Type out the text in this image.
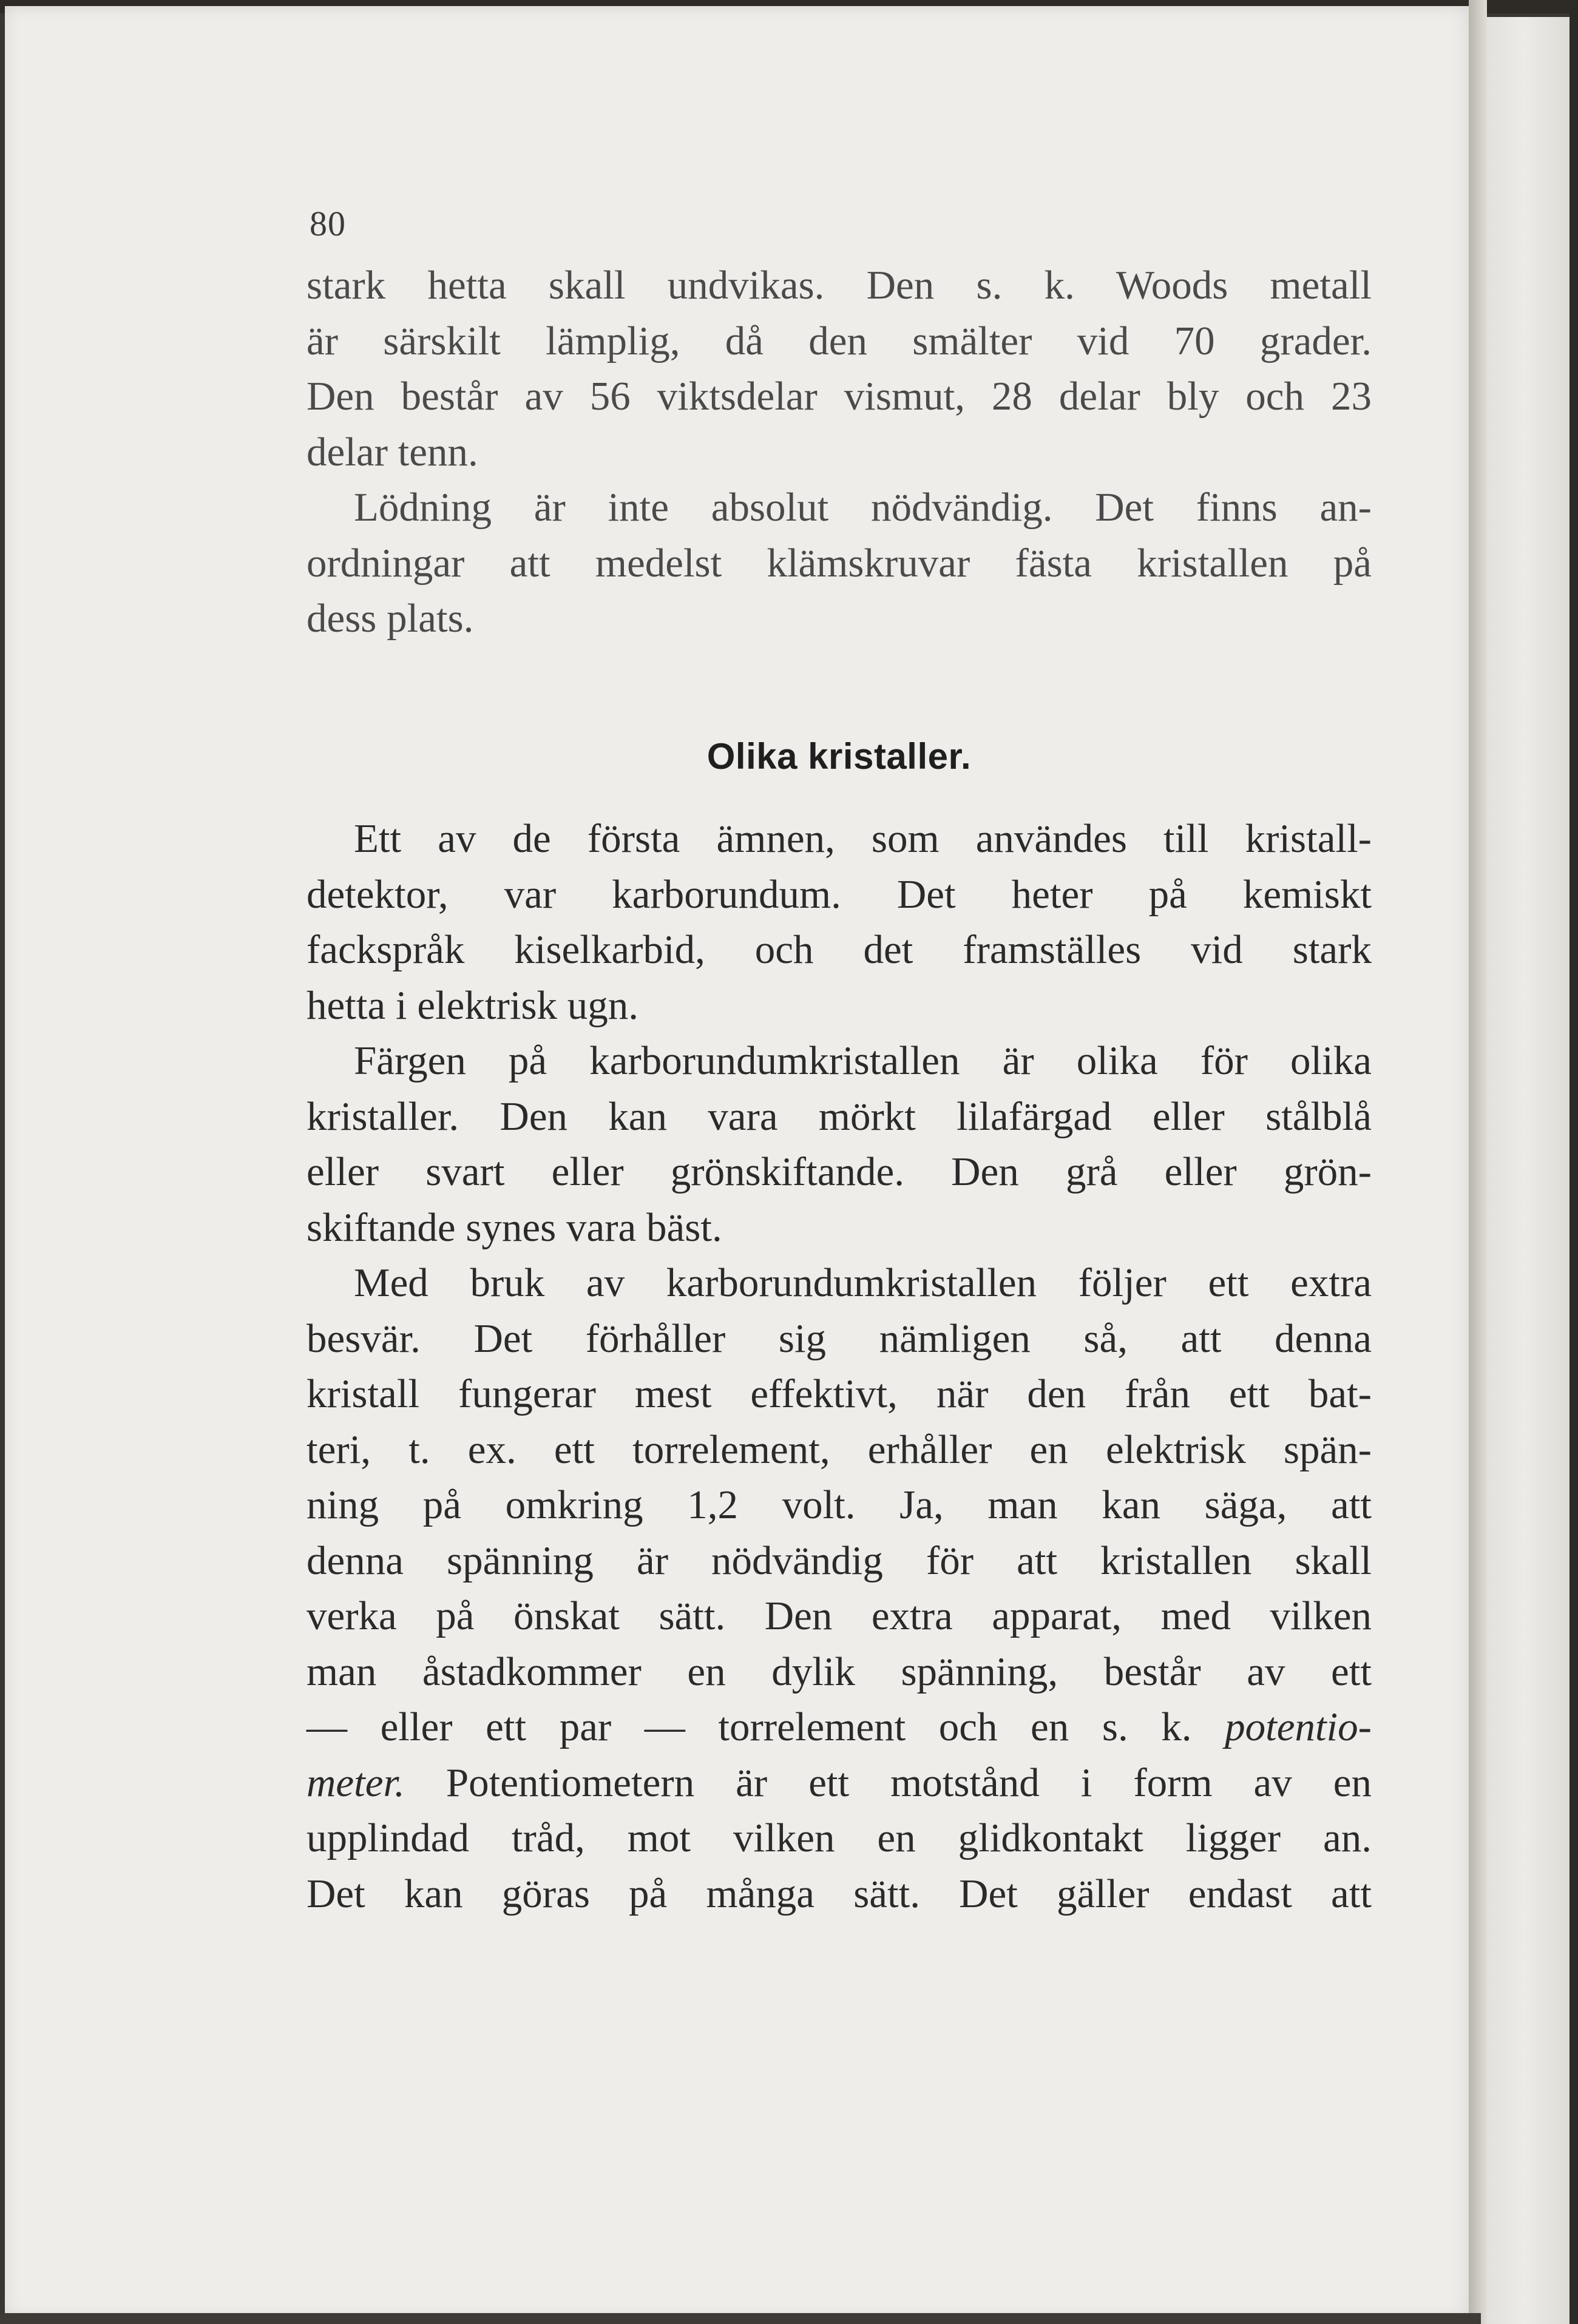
80
stark hetta skall undvikas. Den s. k. Woods metall
är särskilt lämplig, då den smälter vid 70 grader.
Den består av 56 viktsdelar vismut, 28 delar bly och 23
delar tenn.
Lödning är inte absolut nödvändig. Det finns an-
ordningar att medelst klämskruvar fästa kristallen på
dess plats.
Olika kristaller.
Ett av de första ämnen, som användes till kristall-
detektor, var karborundum. Det heter på kemiskt
fackspråk kiselkarbid, och det framställes vid stark
hetta i elektrisk ugn.
Färgen på karborundumkristallen är olika för olika
kristaller. Den kan vara mörkt lilafärgad eller stålblå
eller svart eller grönskiftande. Den grå eller grön-
skiftande synes vara bäst.
Med bruk av karborundumkristallen följer ett extra
besvär. Det förhåller sig nämligen så, att denna
kristall fungerar mest effektivt, när den från ett bat-
teri, t. ex. ett torrelement, erhåller en elektrisk spän-
ning på omkring 1,2 volt. Ja, man kan säga, att
denna spänning är nödvändig för att kristallen skall
verka på önskat sätt. Den extra apparat, med vilken
man åstadkommer en dylik spänning, består av ett
— eller ett par — torrelement och en s. k. potentio-
meter. Potentiometern är ett motstånd i form av en
upplindad tråd, mot vilken en glidkontakt ligger an.
Det kan göras på många sätt. Det gäller endast att
